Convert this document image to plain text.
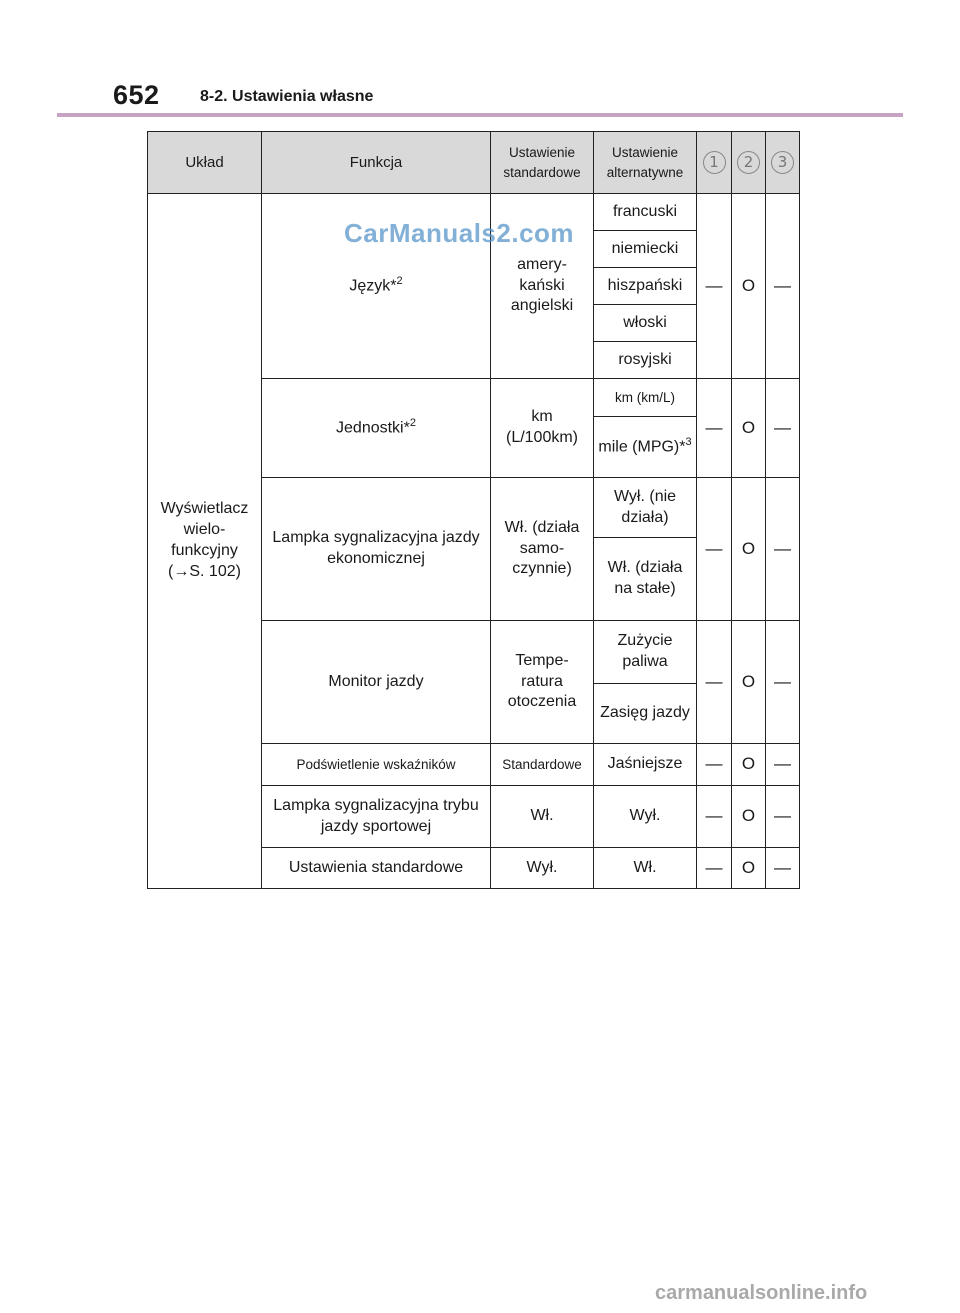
652	8-2. Ustawienia własne
Układ	Funkcja	Ustawienie standardowe	Ustawienie alternatywne	1	2	3
Wyświetlacz wielo- funkcyjny (→S. 102)	Język*$^2$	amery- kański angielski	francuski	—	O	—
			niemiecki			
			hiszpański			
			włoski			
			rosyjski			
	Jednostki*$^2$	km (L/100km)	km (km/L)	—	O	—
			mile (MPG)*$^3$
	Lampka sygnalizacyjna jazdy ekonomicznej	Wł. (działa samo- czynnie)	Wył. (nie działa)	—	O	—
			Wł. (działa na stałe)			
	Monitor jazdy	Tempe- ratura otoczenia	Zużycie paliwa	—	O	—
			Zasięg jazdy			
	Podświetlenie wskaźników	Standardowe	Jaśniejsze	—	O	—
	Lampka sygnalizacyjna trybu jazdy sportowej	Wł.	Wył.	—	O	—
	Ustawienia standardowe	Wył.	Wł.	—	O	—
CarManuals2.com
carmanualsonline.info
